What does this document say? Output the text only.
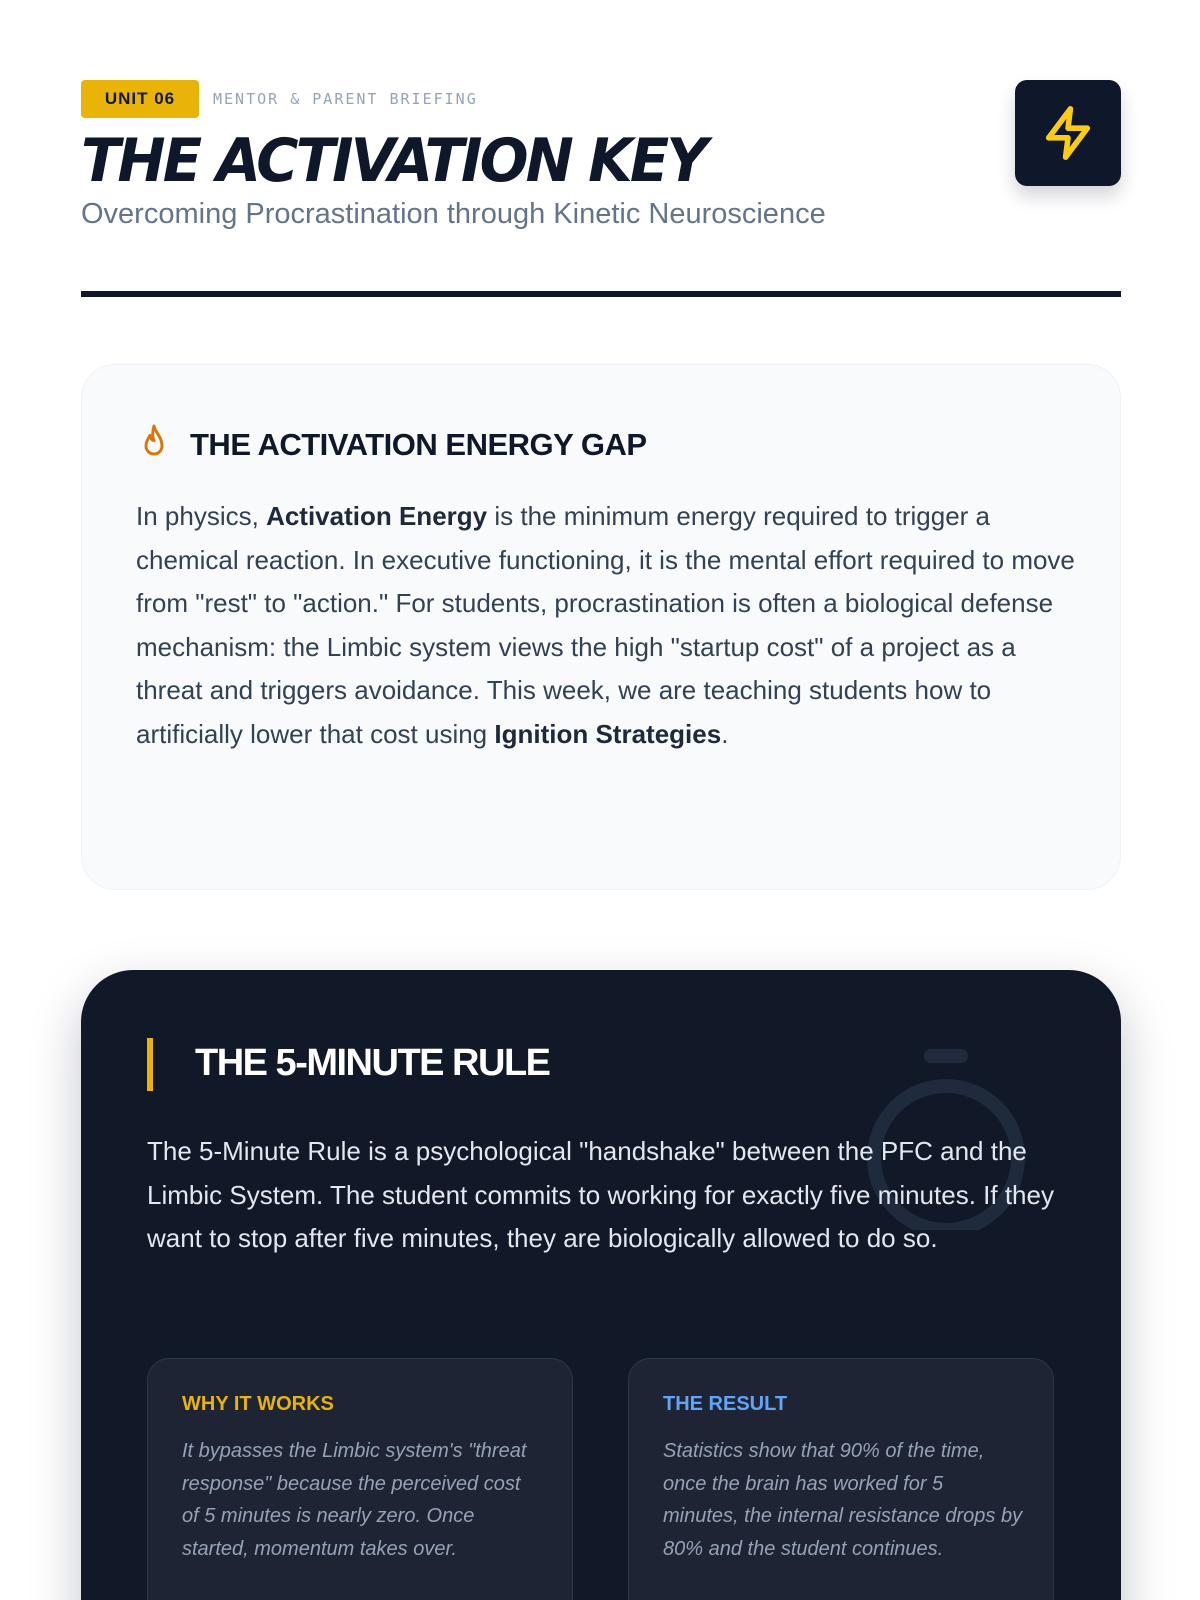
UNIT 06	MENTOR & PARENT BRIEFING
THE ACTIVATION KEY
Overcoming Procrastination through Kinetic Neuroscience
THE ACTIVATION ENERGY GAP

In physics, Activation Energy is the minimum energy required to trigger a chemical reaction. In executive functioning, it is the mental effort required to move from "rest" to "action." For students, procrastination is often a biological defense mechanism: the Limbic system views the high "startup cost" of a project as a threat and triggers avoidance. This week, we are teaching students how to artificially lower that cost using Ignition Strategies.

THE 5-MINUTE RULE

The 5-Minute Rule is a psychological "handshake" between the PFC and the Limbic System. The student commits to working for exactly five minutes. If they want to stop after five minutes, they are biologically allowed to do so.

WHY IT WORKS

It bypasses the Limbic system's "threat response" because the perceived cost of 5 minutes is nearly zero. Once started, momentum takes over.

THE RESULT

Statistics show that 90% of the time, once the brain has worked for 5 minutes, the internal resistance drops by 80% and the student continues.
